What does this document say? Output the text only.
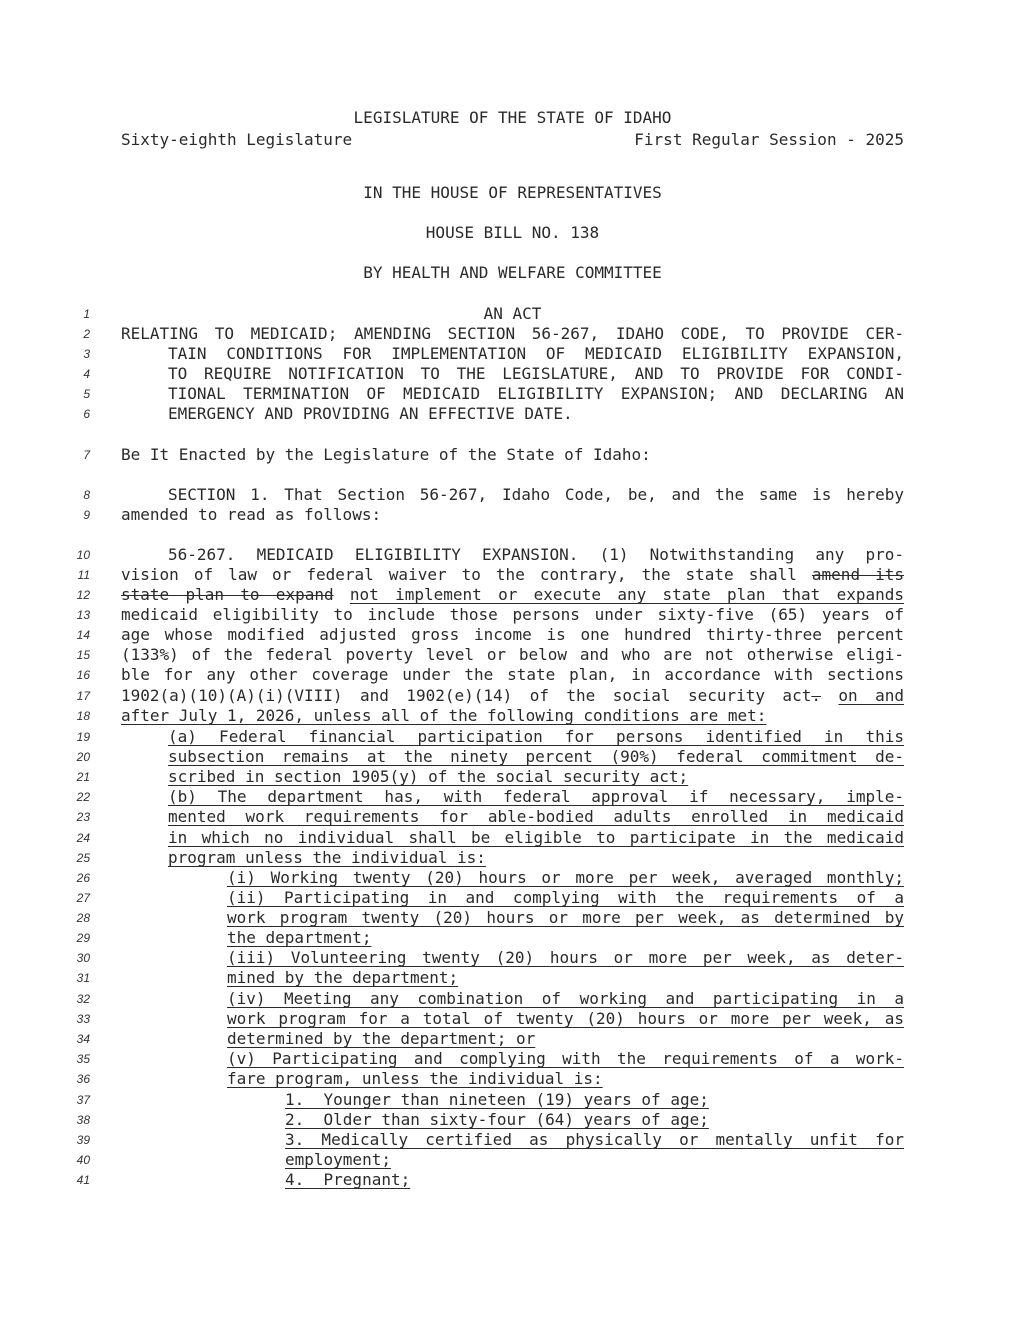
LEGISLATURE OF THE STATE OF IDAHO
Sixty-eighth Legislature	First Regular Session - 2025
IN THE HOUSE OF REPRESENTATIVES
HOUSE BILL NO. 138
BY HEALTH AND WELFARE COMMITTEE
1	AN ACT
2 RELATING TO MEDICAID; AMENDING SECTION 56-267, IDAHO CODE, TO PROVIDE CER-
3	TAIN CONDITIONS FOR IMPLEMENTATION OF MEDICAID ELIGIBILITY EXPANSION,
4	TO REQUIRE NOTIFICATION TO THE LEGISLATURE, AND TO PROVIDE FOR CONDI-
5	TIONAL TERMINATION OF MEDICAID ELIGIBILITY EXPANSION; AND DECLARING AN
6	EMERGENCY AND PROVIDING AN EFFECTIVE DATE.
7 Be It Enacted by the Legislature of the State of Idaho:
8	SECTION 1. That Section 56-267, Idaho Code, be, and the same is hereby
9 amended to read as follows:
10	56-267. MEDICAID ELIGIBILITY EXPANSION. (1) Notwithstanding any pro-
11 vision of law or federal waiver to the contrary, the state shall amend its
12 state plan to expand not implement or execute any state plan that expands
13 medicaid eligibility to include those persons under sixty-five (65) years of
14 age whose modified adjusted gross income is one hundred thirty-three percent
15 (133%) of the federal poverty level or below and who are not otherwise eligi-
16 ble for any other coverage under the state plan, in accordance with sections
17 1902(a)(10)(A)(i)(VIII) and 1902(e)(14) of the social security act. on and
18 after July 1, 2026, unless all of the following conditions are met:
19	(a) Federal financial participation for persons identified in this
20	subsection remains at the ninety percent (90%) federal commitment de-
21	scribed in section 1905(y) of the social security act;
22	(b) The department has, with federal approval if necessary, imple-
23	mented work requirements for able-bodied adults enrolled in medicaid
24	in which no individual shall be eligible to participate in the medicaid
25	program unless the individual is:
26	(i) Working twenty (20) hours or more per week, averaged monthly;
27	(ii) Participating in and complying with the requirements of a
28	work program twenty (20) hours or more per week, as determined by
29	the department;
30	(iii) Volunteering twenty (20) hours or more per week, as deter-
31	mined by the department;
32	(iv) Meeting any combination of working and participating in a
33	work program for a total of twenty (20) hours or more per week, as
34	determined by the department; or
35	(v) Participating and complying with the requirements of a work-
36	fare program, unless the individual is:
37	1.  Younger than nineteen (19) years of age;
38	2.  Older than sixty-four (64) years of age;
39	3. Medically certified as physically or mentally unfit for
40	employment;
41	4.  Pregnant;
